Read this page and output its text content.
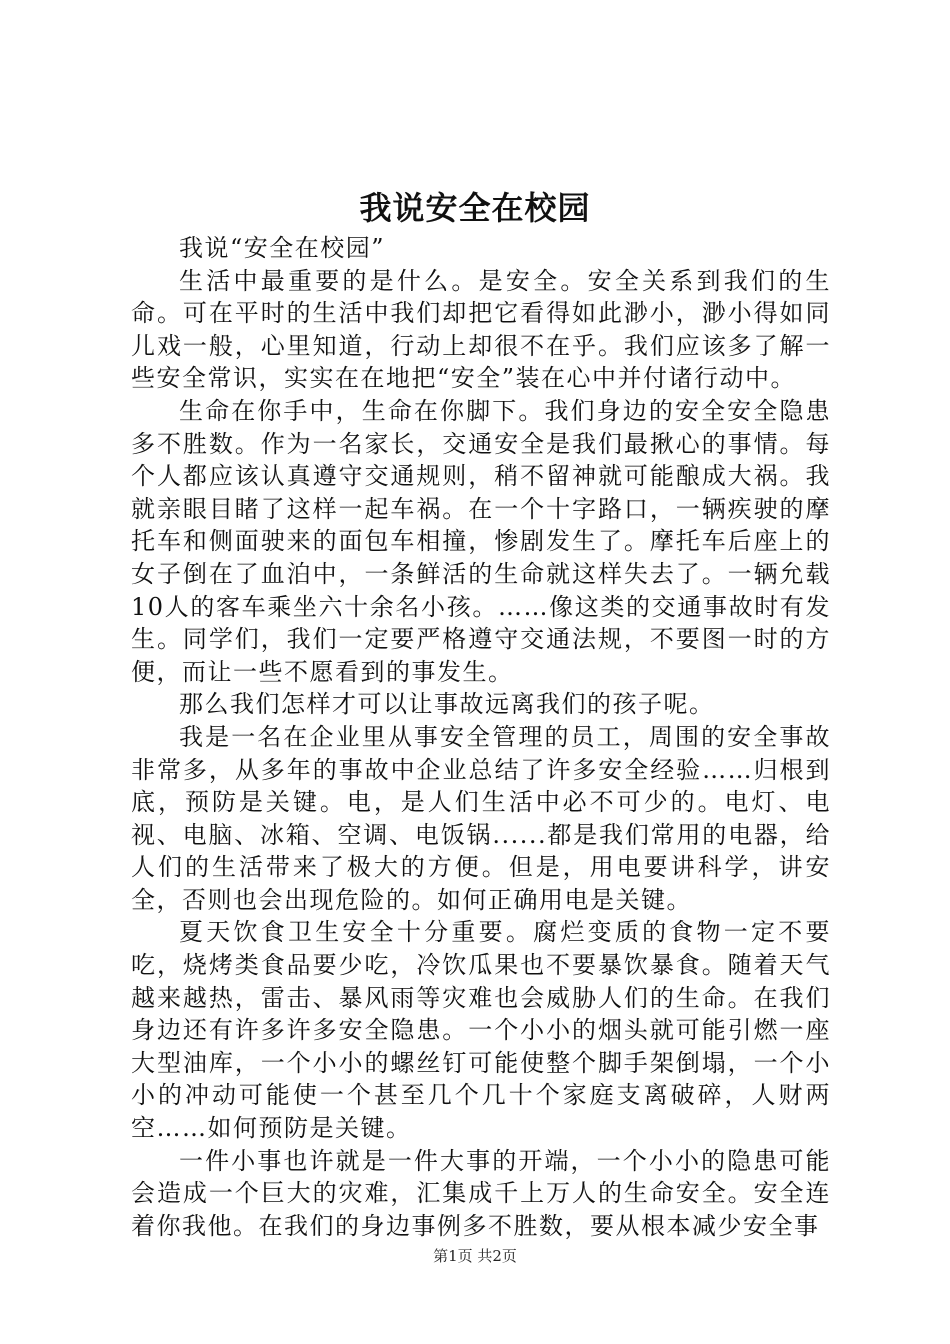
我说安全在校园

我说“安全在校园”

生活中最重要的是什么。是安全。安全关系到我们的生命。可在平时的生活中我们却把它看得如此渺小，渺小得如同儿戏一般，心里知道，行动上却很不在乎。我们应该多了解一些安全常识，实实在在地把“安全”装在心中并付诸行动中。

生命在你手中，生命在你脚下。我们身边的安全安全隐患多不胜数。作为一名家长，交通安全是我们最揪心的事情。每个人都应该认真遵守交通规则，稍不留神就可能酿成大祸。我就亲眼目睹了这样一起车祸。在一个十字路口，一辆疾驶的摩托车和侧面驶来的面包车相撞，惨剧发生了。摩托车后座上的女子倒在了血泊中，一条鲜活的生命就这样失去了。一辆允载10人的客车乘坐六十余名小孩。……像这类的交通事故时有发生。同学们，我们一定要严格遵守交通法规，不要图一时的方便，而让一些不愿看到的事发生。

那么我们怎样才可以让事故远离我们的孩子呢。

我是一名在企业里从事安全管理的员工，周围的安全事故非常多，从多年的事故中企业总结了许多安全经验……归根到底，预防是关键。电，是人们生活中必不可少的。电灯、电视、电脑、冰箱、空调、电饭锅......都是我们常用的电器，给人们的生活带来了极大的方便。但是，用电要讲科学，讲安全，否则也会出现危险的。如何正确用电是关键。

夏天饮食卫生安全十分重要。腐烂变质的食物一定不要吃，烧烤类食品要少吃，冷饮瓜果也不要暴饮暴食。随着天气越来越热，雷击、暴风雨等灾难也会威胁人们的生命。在我们身边还有许多许多安全隐患。一个小小的烟头就可能引燃一座大型油库，一个小小的螺丝钉可能使整个脚手架倒塌，一个小小的冲动可能使一个甚至几个几十个家庭支离破碎，人财两空……如何预防是关键。

一件小事也许就是一件大事的开端，一个小小的隐患可能会造成一个巨大的灾难，汇集成千上万人的生命安全。安全连着你我他。在我们的身边事例多不胜数，要从根本减少安全事

第1页 共2页
